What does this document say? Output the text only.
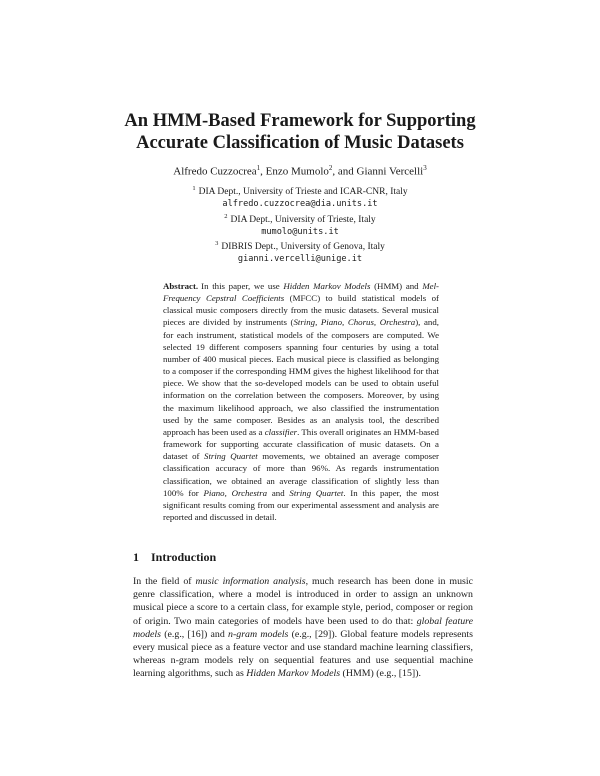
An HMM-Based Framework for Supporting
Accurate Classification of Music Datasets
Alfredo Cuzzocrea$^1$, Enzo Mumolo$^2$, and Gianni Vercelli$^3$
$^1$ DIA Dept., University of Trieste and ICAR-CNR, Italy
alfredo.cuzzocrea@dia.units.it
$^2$ DIA Dept., University of Trieste, Italy
mumolo@units.it
$^3$ DIBRIS Dept., University of Genova, Italy
gianni.vercelli@unige.it
Abstract. In this paper, we use Hidden Markov Models (HMM) and Mel-Frequency Cepstral Coefficients (MFCC) to build statistical models of classical music composers directly from the music datasets. Several musical pieces are divided by instruments (String, Piano, Chorus, Orchestra), and, for each instrument, statistical models of the composers are computed. We selected 19 different composers spanning four centuries by using a total number of 400 musical pieces. Each musical piece is classified as belonging to a composer if the corresponding HMM gives the highest likelihood for that piece. We show that the so-developed models can be used to obtain useful information on the correlation between the composers. Moreover, by using the maximum likelihood approach, we also classified the instrumentation used by the same composer. Besides as an analysis tool, the described approach has been used as a classifier. This overall originates an HMM-based framework for supporting accurate classification of music datasets. On a dataset of String Quartet movements, we obtained an average composer classification accuracy of more than 96%. As regards instrumentation classification, we obtained an average classification of slightly less than 100% for Piano, Orchestra and String Quartet. In this paper, the most significant results coming from our experimental assessment and analysis are reported and discussed in detail.
1 Introduction
In the field of music information analysis, much research has been done in music genre classification, where a model is introduced in order to assign an unknown musical piece a score to a certain class, for example style, period, composer or region of origin. Two main categories of models have been used to do that: global feature models (e.g., [16]) and n-gram models (e.g., [29]). Global feature models represents every musical piece as a feature vector and use standard machine learning classifiers, whereas n-gram models rely on sequential features and use sequential machine learning algorithms, such as Hidden Markov Models (HMM) (e.g., [15]).
